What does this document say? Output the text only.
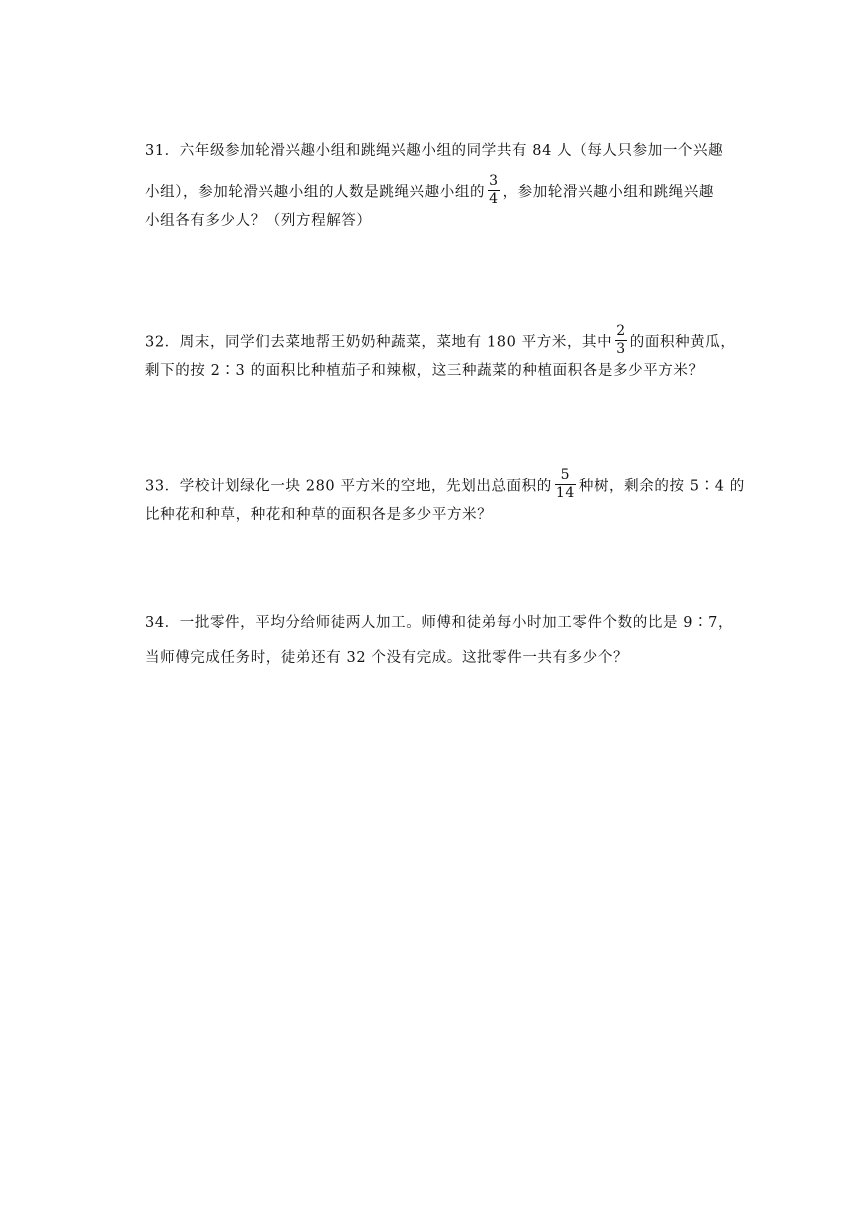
31．六年级参加轮滑兴趣小组和跳绳兴趣小组的同学共有 84 人（每人只参加一个兴趣
小组），参加轮滑兴趣小组的人数是跳绳兴趣小组的 $\frac{3}{4}$ ，参加轮滑兴趣小组和跳绳兴趣
小组各有多少人？（列方程解答）
32．周末，同学们去菜地帮王奶奶种蔬菜，菜地有 180 平方米，其中 $\frac{2}{3}$ 的面积种黄瓜，
剩下的按 2∶3 的面积比种植茄子和辣椒，这三种蔬菜的种植面积各是多少平方米？
33．学校计划绿化一块 280 平方米的空地，先划出总面积的 $\frac{5}{14}$ 种树，剩余的按 5∶4 的
比种花和种草，种花和种草的面积各是多少平方米？
34．一批零件，平均分给师徒两人加工。师傅和徒弟每小时加工零件个数的比是 9∶7，
当师傅完成任务时，徒弟还有 32 个没有完成。这批零件一共有多少个？
